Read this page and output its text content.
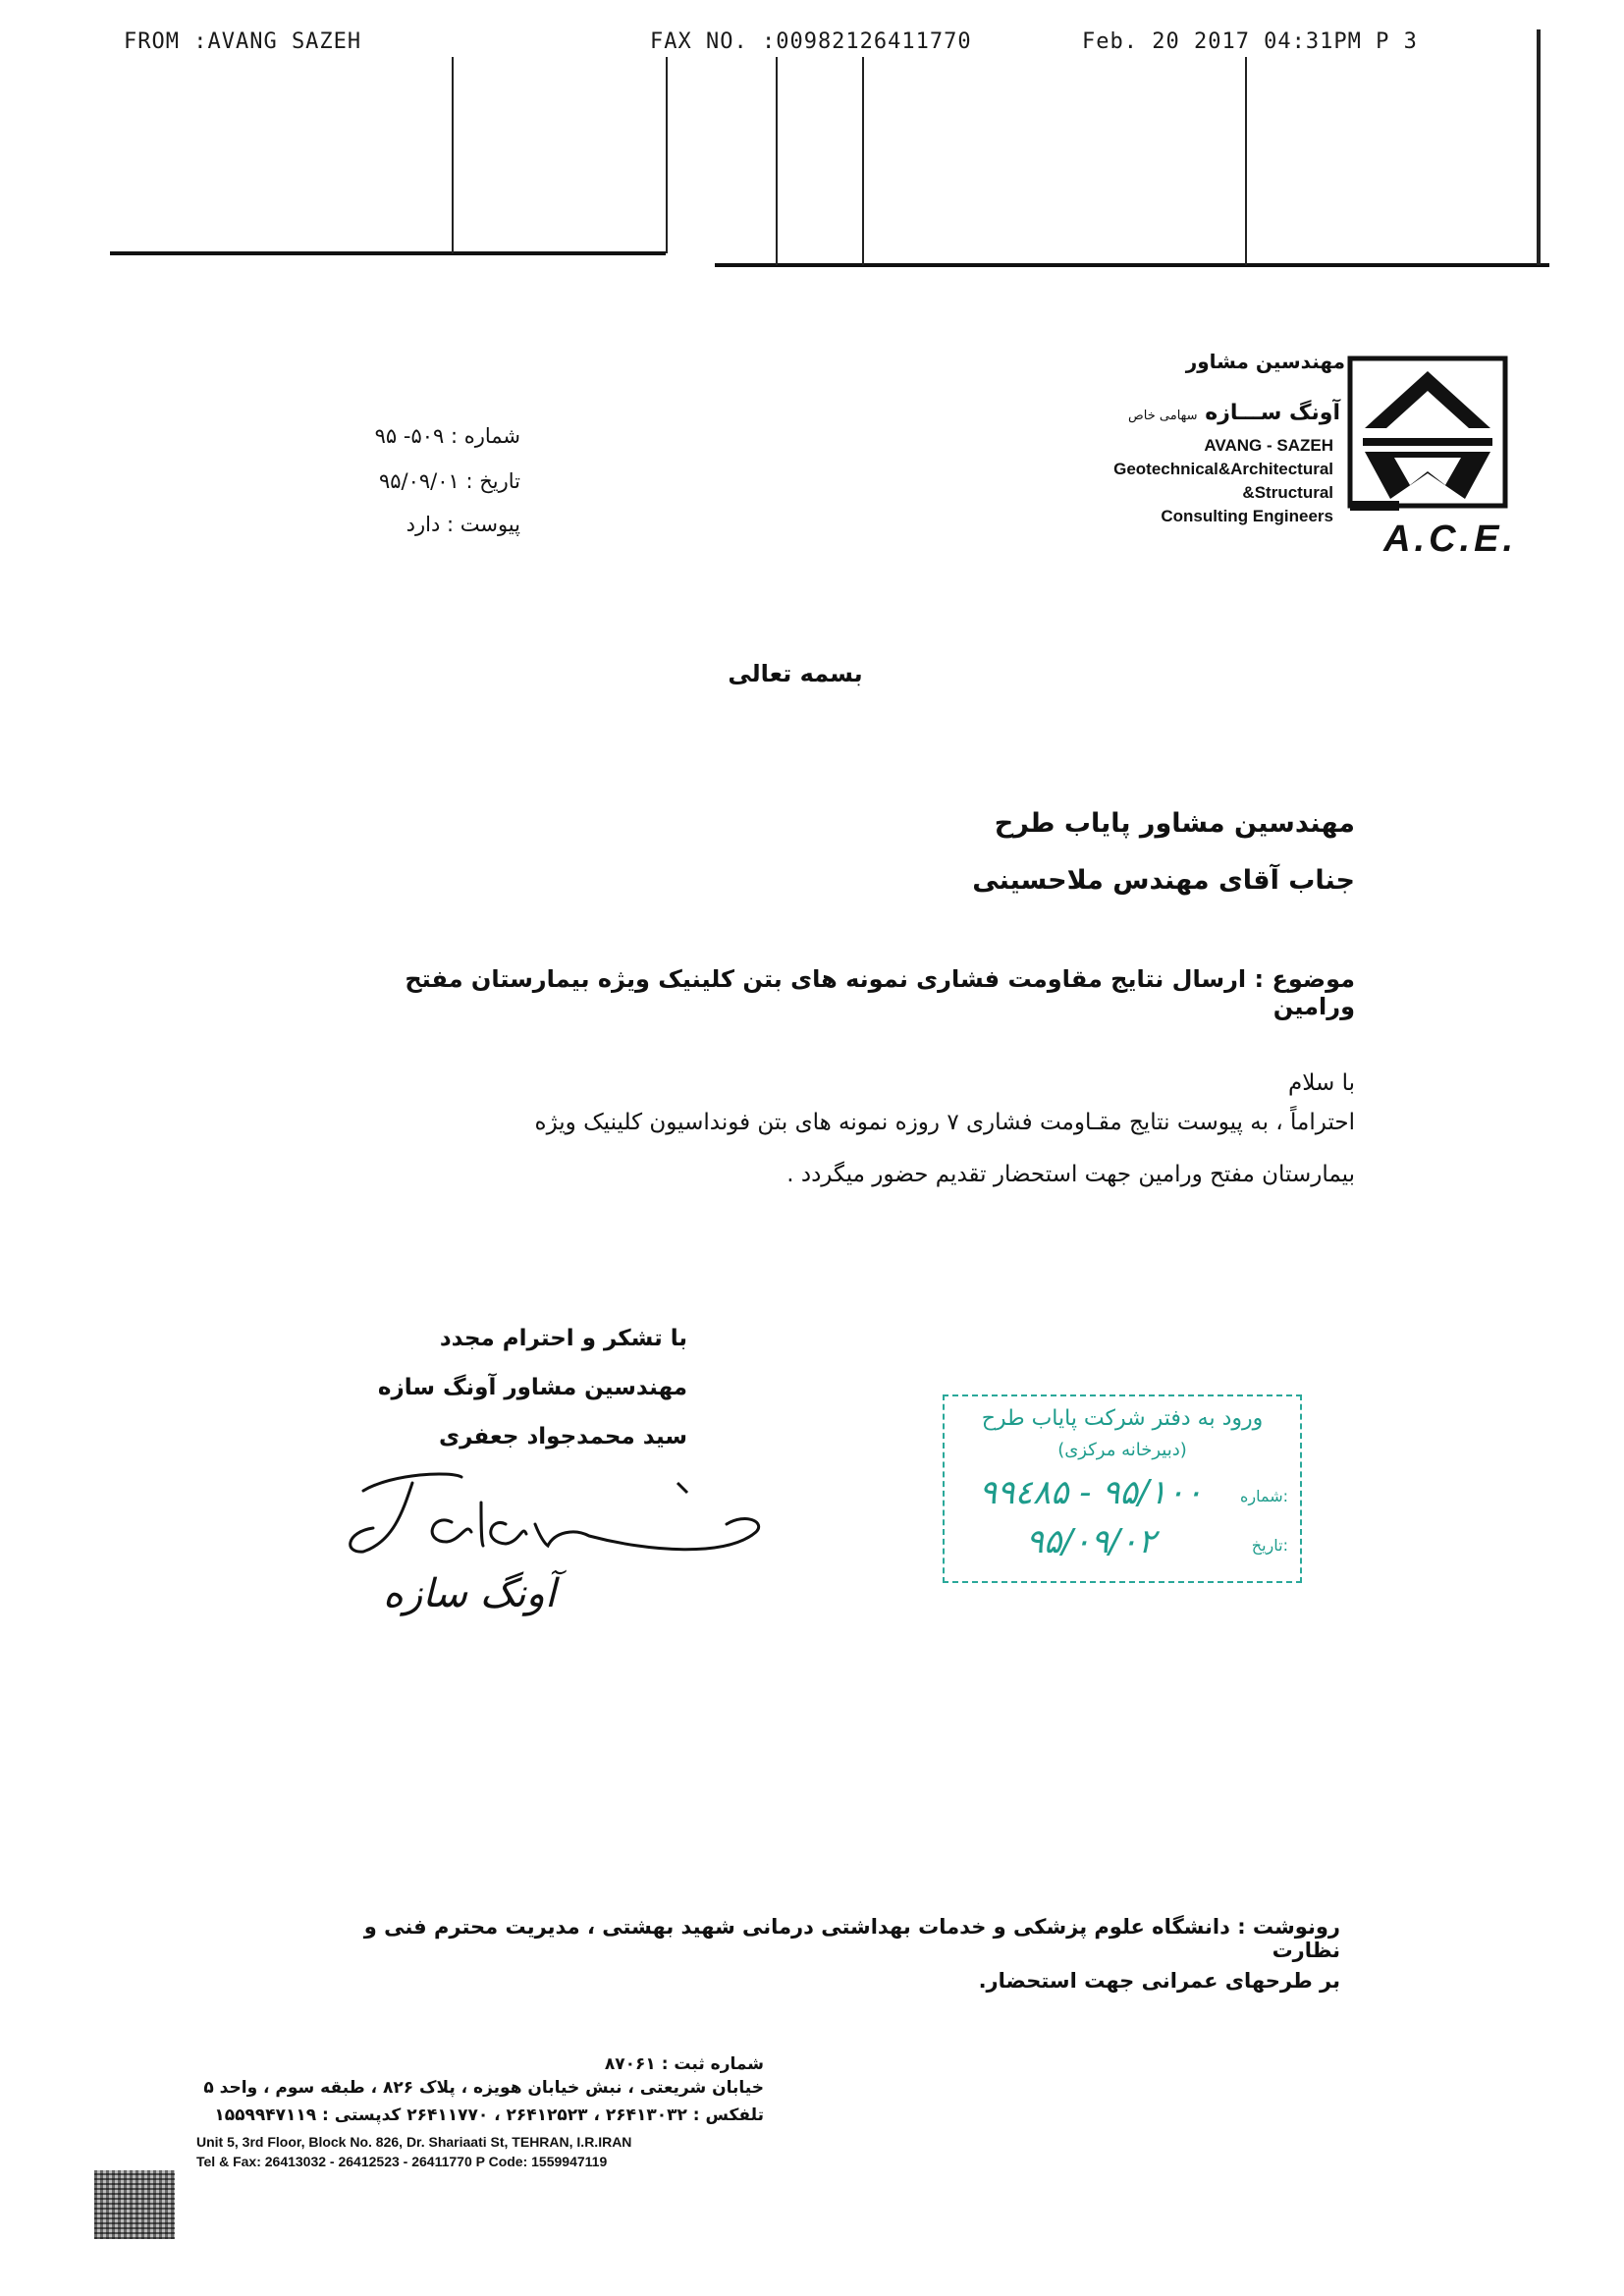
FROM :AVANG SAZEH	FAX NO. :00982126411770	Feb. 20 2017 04:31PM P 3
مهندسین مشاور
آونگ ســـازه سهامی خاص
AVANG - SAZEH
Geotechnical&Architectural
&Structural
Consulting Engineers
A.C.E.
شماره : ۵۰۹- ۹۵
تاریخ : ۹۵/۰۹/۰۱
پیوست : دارد
بسمه تعالی
مهندسین مشاور پایاب طرح
جناب آقای مهندس ملاحسینی
موضوع : ارسال نتایج مقاومت فشاری نمونه های بتن کلینیک ویژه بیمارستان مفتح ورامین
با سلام
احتراماً ، به پیوست نتایج مقـاومت فشاری ۷ روزه نمونه های بتن فونداسیون کلینیک ویژه
بیمارستان مفتح ورامین جهت استحضار تقدیم حضور میگردد .
با تشکر و احترام مجدد
مهندسین مشاور آونگ سازه
سید محمدجواد جعفری
آونگ سازه
ورود به دفتر شرکت پایاب طرح
(دبیرخانه مرکزی)
شماره:
۹۹٤۸۵ - ۹۵/۱۰۰
تاریخ:
۹۵/۰۹/۰۲
رونوشت : دانشگاه علوم پزشکی و خدمات بهداشتی درمانی شهید بهشتی ، مدیریت محترم فنی و نظارت
بر طرحهای عمرانی جهت استحضار.
شماره ثبت : ۸۷۰۶۱
خیابان شریعتی ، نبش خیابان هویزه ، پلاک ۸۲۶ ، طبقه سوم ، واحد ۵
تلفکس : ۲۶۴۱۳۰۳۲ ، ۲۶۴۱۲۵۲۳ ، ۲۶۴۱۱۷۷۰ کدپستی : ۱۵۵۹۹۴۷۱۱۹
Unit 5, 3rd Floor, Block No. 826, Dr. Shariaati St, TEHRAN, I.R.IRAN
Tel & Fax: 26413032 - 26412523 - 26411770 P Code: 1559947119
